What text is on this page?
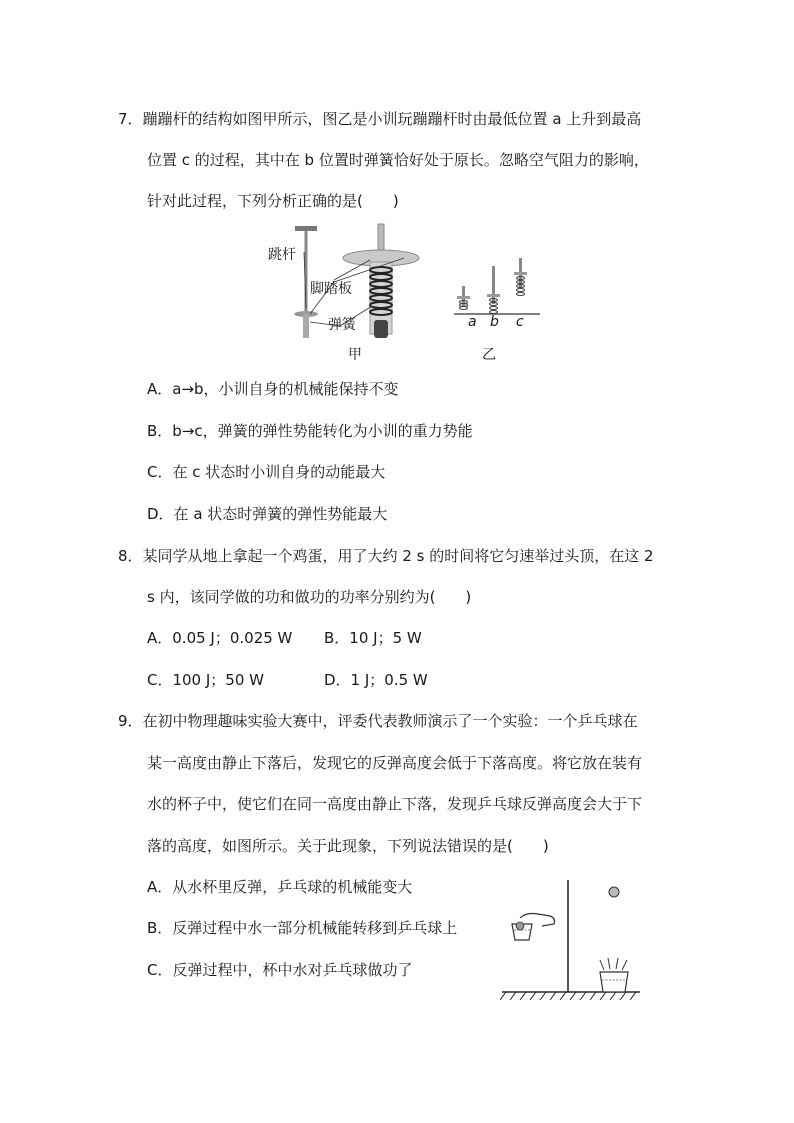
7．蹦蹦杆的结构如图甲所示，图乙是小训玩蹦蹦杆时由最低位置 a 上升到最高
位置 c 的过程，其中在 b 位置时弹簧恰好处于原长。忽略空气阻力的影响，
针对此过程，下列分析正确的是(　　)
跳杆
脚踏板
弹簧
甲
a b c
乙
A．a→b，小训自身的机械能保持不变
B．b→c，弹簧的弹性势能转化为小训的重力势能
C．在 c 状态时小训自身的动能最大
D．在 a 状态时弹簧的弹性势能最大
8．某同学从地上拿起一个鸡蛋，用了大约 2 s 的时间将它匀速举过头顶，在这 2
s 内，该同学做的功和做功的功率分别约为(　　)
A．0.05 J；0.025 W B．10 J；5 W
C．100 J；50 W	D．1 J；0.5 W
9．在初中物理趣味实验大赛中，评委代表教师演示了一个实验：一个乒乓球在
某一高度由静止下落后，发现它的反弹高度会低于下落高度。将它放在装有
水的杯子中，使它们在同一高度由静止下落，发现乒乓球反弹高度会大于下
落的高度，如图所示。关于此现象，下列说法错误的是(　　)
A．从水杯里反弹，乒乓球的机械能变大
B．反弹过程中水一部分机械能转移到乒乓球上
C．反弹过程中，杯中水对乒乓球做功了
